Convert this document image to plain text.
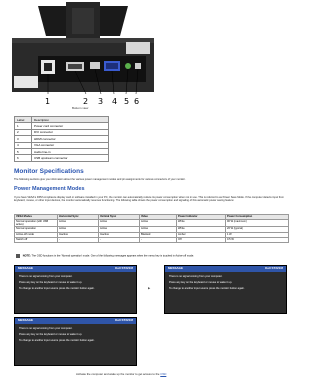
1	2 3 4 5 6
Bottom view
Label	Description
1	Power cord connector
2	DVI connector
3	HDMI connector
4	VGA connector
5	Audio line-in
6	USB upstream connector
Monitor Specifications

The following sections give you information about the various power management modes and pin assignments for various connectors of your monitor.

Power Management Modes

If you have VESA's DPM compliance display card or software installed in your PC, the monitor can automatically reduce its power consumption when not in use. This is referred to as Power Save Mode. If the computer detects input from keyboard, mouse, or other input devices, the monitor automatically resumes functioning. The following table shows the power consumption and signaling of this automatic power saving feature:

VESA Modes	Horizontal Sync	Vertical Sync	Video	Power Indicator	Power Consumption
Normal operation (with USB active)	Active	Active	Active	White	90 W (maximum)
Normal operation	Active	Active	Active	White	26 W (typical)
Active-off mode	Inactive	Inactive	Blanked	Amber	1 W
Switch off	-	-	-	Off	0.5 W
NOTE: The OSD functions in the 'Normal operation' mode. One of the following messages appears when the menu key is touched in Active-off mode.
MESSAGE	Dell ST2210f
There is no signal coming from your computer.
Press any key on the keyboard or mouse to wake it up.
To change to another input source press the monitor button again.	▶
MESSAGE	Dell ST2210f
There is no signal coming from your computer.
Press any key on the keyboard or mouse to wake it up.
To change to another input source press the monitor button again.
MESSAGE	Dell ST2210f
There is no signal coming from your computer.
Press any key on the keyboard or mouse to wake it up.
To change to another input source press the monitor button again.
Activate the computer and wake up the monitor to get access to the OSD
